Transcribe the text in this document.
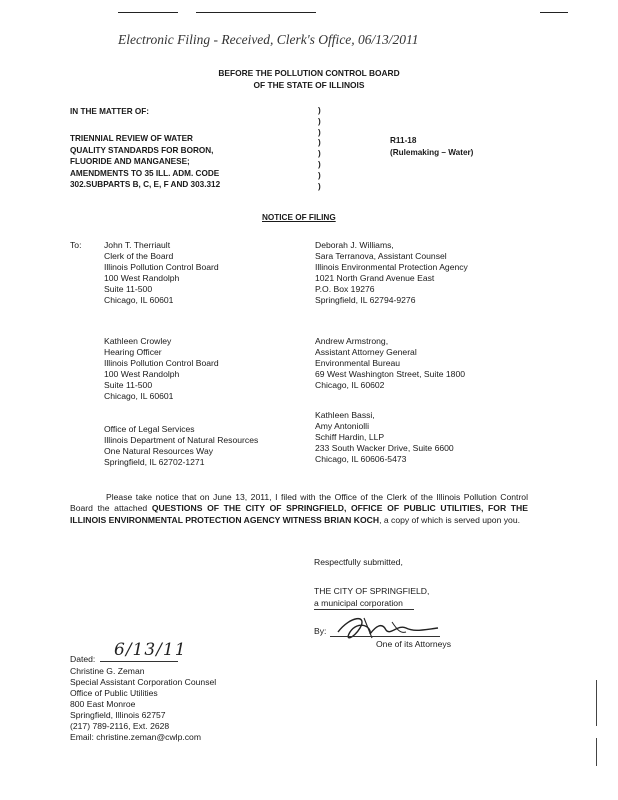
Electronic Filing - Received, Clerk's Office, 06/13/2011
BEFORE THE POLLUTION CONTROL BOARD
OF THE STATE OF ILLINOIS
IN THE MATTER OF:
TRIENNIAL REVIEW OF WATER
QUALITY STANDARDS FOR BORON,
FLUORIDE AND MANGANESE;
AMENDMENTS TO 35 ILL. ADM. CODE
302.SUBPARTS B, C, E, F AND 303.312
)
)
)
)
)
)
)
)
R11-18
(Rulemaking – Water)
NOTICE OF FILING
To:	John T. Therriault
Clerk of the Board
Illinois Pollution Control Board
100 West Randolph
Suite 11-500
Chicago, IL 60601
Kathleen Crowley
Hearing Officer
Illinois Pollution Control Board
100 West Randolph
Suite 11-500
Chicago, IL 60601
Office of Legal Services
Illinois Department of Natural Resources
One Natural Resources Way
Springfield, IL 62702-1271
Deborah J. Williams,
Sara Terranova, Assistant Counsel
Illinois Environmental Protection Agency
1021 North Grand Avenue East
P.O. Box 19276
Springfield, IL 62794-9276
Andrew Armstrong,
Assistant Attorney General
Environmental Bureau
69 West Washington Street, Suite 1800
Chicago, IL 60602
Kathleen Bassi,
Amy Antoniolli
Schiff Hardin, LLP
233 South Wacker Drive, Suite 6600
Chicago, IL 60606-5473
Please take notice that on June 13, 2011, I filed with the Office of the Clerk of the Illinois Pollution Control Board the attached QUESTIONS OF THE CITY OF SPRINGFIELD, OFFICE OF PUBLIC UTILITIES, FOR THE ILLINOIS ENVIRONMENTAL PROTECTION AGENCY WITNESS BRIAN KOCH, a copy of which is served upon you.
Respectfully submitted,
THE CITY OF SPRINGFIELD,
a municipal corporation
By:
One of its Attorneys
Dated: 6/13/11
Christine G. Zeman
Special Assistant Corporation Counsel
Office of Public Utilities
800 East Monroe
Springfield, Illinois 62757
(217) 789-2116, Ext. 2628
Email: christine.zeman@cwlp.com
